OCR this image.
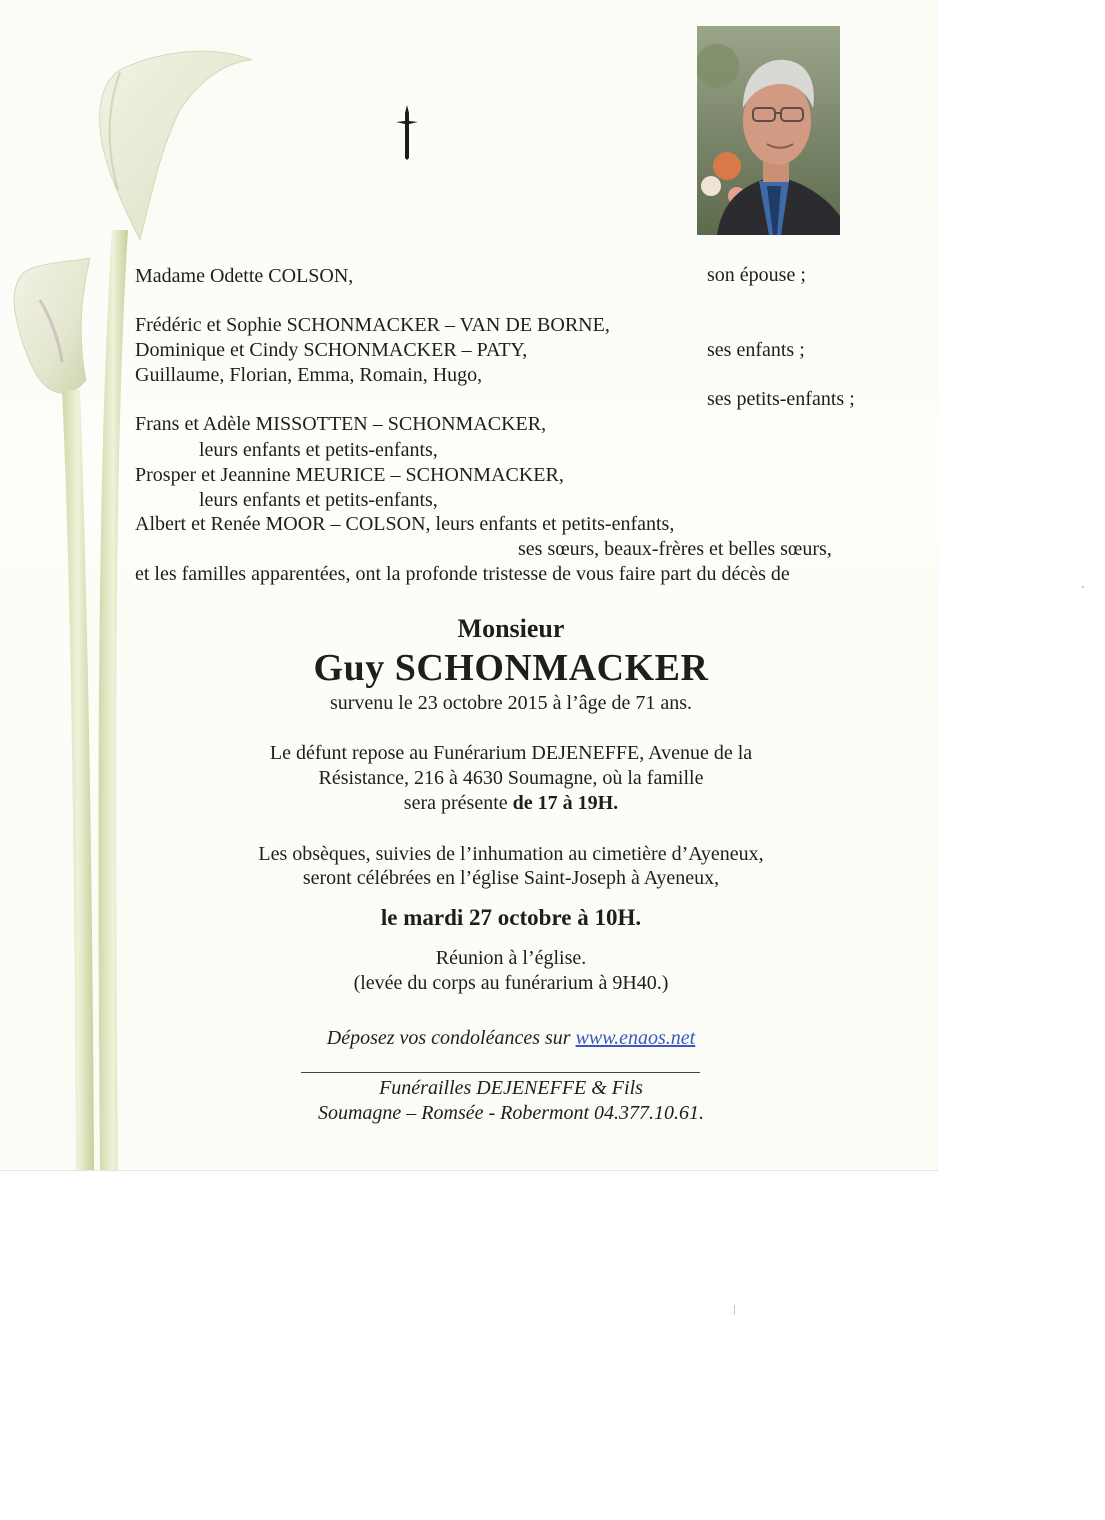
Madame Odette COLSON,	son épouse ;
Frédéric et Sophie SCHONMACKER – VAN DE BORNE,
Dominique et Cindy SCHONMACKER – PATY,	ses enfants ;
Guillaume, Florian, Emma, Romain, Hugo,
ses petits-enfants ;
Frans et Adèle MISSOTTEN – SCHONMACKER,
leurs enfants et petits-enfants,
Prosper et Jeannine MEURICE – SCHONMACKER,
leurs enfants et petits-enfants,
Albert et Renée MOOR – COLSON, leurs enfants et petits-enfants,
ses sœurs, beaux-frères et belles sœurs,
et les familles apparentées, ont la profonde tristesse de vous faire part du décès de
Monsieur
Guy SCHONMACKER
survenu le 23 octobre 2015 à l’âge de 71 ans.
Le défunt repose au Funérarium DEJENEFFE, Avenue de la
Résistance, 216 à 4630 Soumagne, où la famille
sera présente de 17 à 19H.
Les obsèques, suivies de l’inhumation au cimetière d’Ayeneux,
seront célébrées en l’église Saint-Joseph à Ayeneux,
le mardi 27 octobre à 10H.
Réunion à l’église.
(levée du corps au funérarium à 9H40.)
Déposez vos condoléances sur www.enaos.net
Funérailles DEJENEFFE & Fils
Soumagne – Romsée - Robermont 04.377.10.61.
